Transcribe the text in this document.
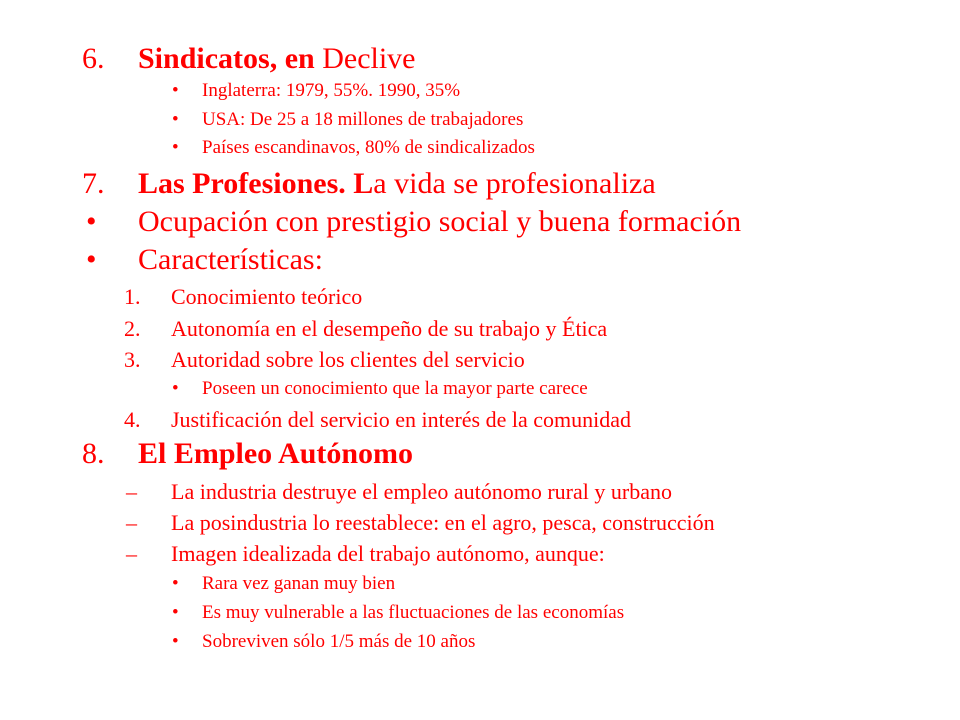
6. Sindicatos, en Declive
• Inglaterra: 1979, 55%. 1990, 35%
• USA: De 25 a 18 millones de trabajadores
• Países escandinavos, 80% de sindicalizados
7. Las Profesiones. La vida se profesionaliza
• Ocupación con prestigio social y buena formación
• Características:
1. Conocimiento teórico
2. Autonomía en el desempeño de su trabajo y Ética
3. Autoridad sobre los clientes del servicio
• Poseen un conocimiento que la mayor parte carece
4. Justificación del servicio en interés de la comunidad
8. El Empleo Autónomo
– La industria destruye el empleo autónomo rural y urbano
– La posindustria lo reestablece: en el agro, pesca, construcción
– Imagen idealizada del trabajo autónomo, aunque:
• Rara vez ganan muy bien
• Es muy vulnerable a las fluctuaciones de las economías
• Sobreviven sólo 1/5 más de 10 años
